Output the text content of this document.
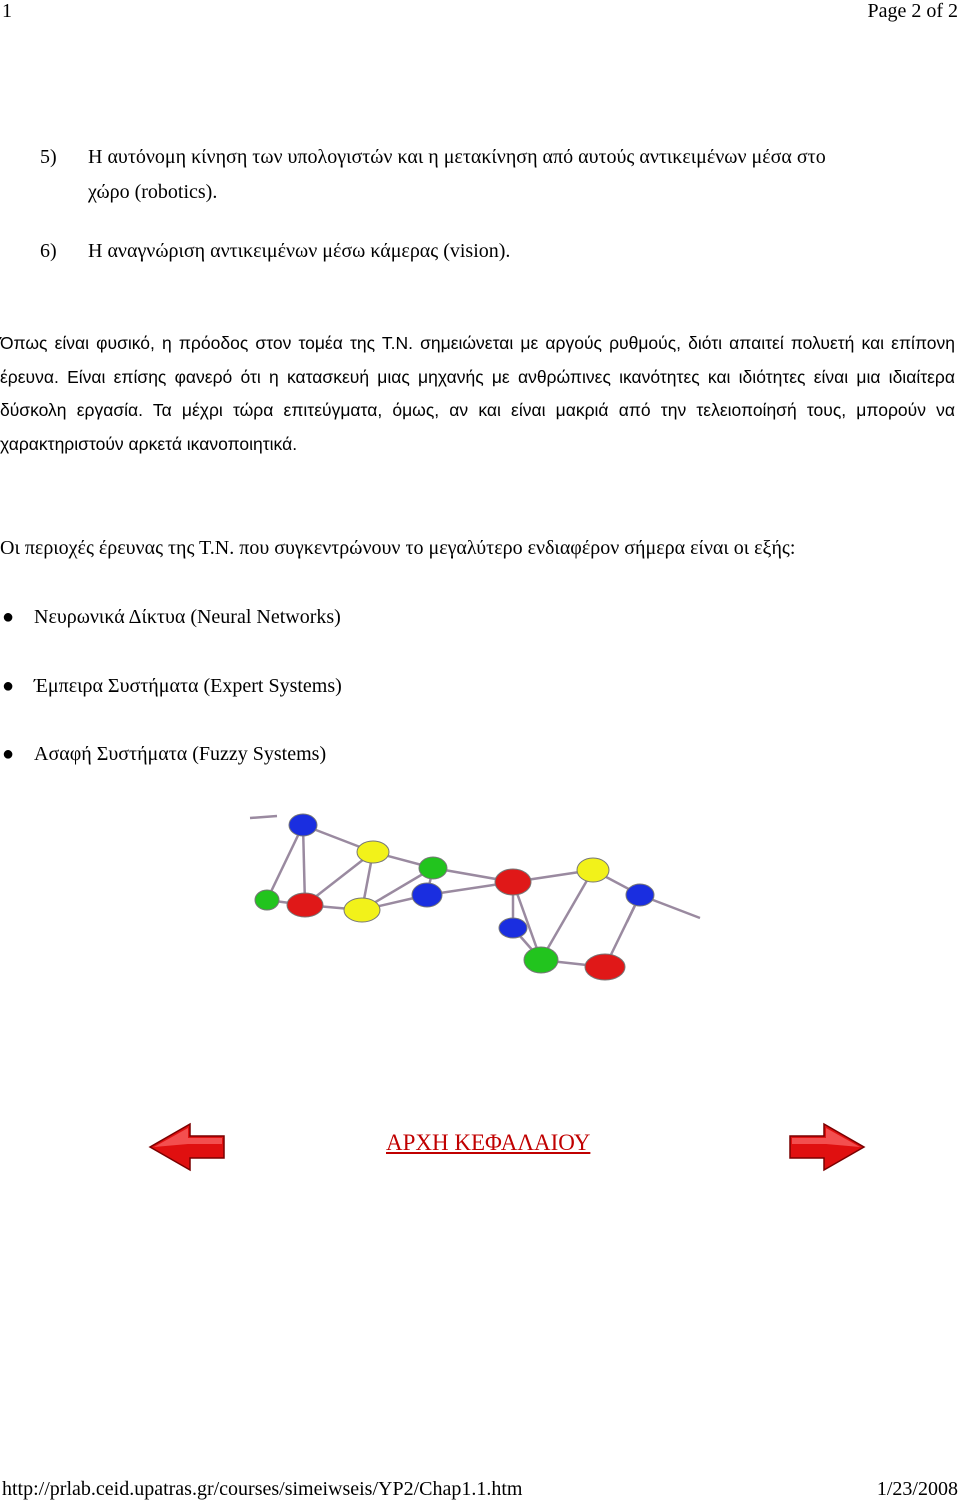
1	Page 2 of 2
5) Η αυτόνομη κίνηση των υπολογιστών και η μετακίνηση από αυτούς αντικειμένων μέσα στο
χώρο (robotics).
6) Η αναγνώριση αντικειμένων μέσω κάμερας (vision).
Όπως είναι φυσικό, η πρόοδος στον τομέα της Τ.Ν. σημειώνεται με αργούς ρυθμούς, διότι απαιτεί πολυετή και επίπονη έρευνα. Είναι επίσης φανερό ότι η κατασκευή μιας μηχανής με ανθρώπινες ικανότητες και ιδιότητες είναι μια ιδιαίτερα δύσκολη εργασία. Τα μέχρι τώρα επιτεύγματα, όμως, αν και είναι μακριά από την τελειοποίησή τους, μπορούν να χαρακτηριστούν αρκετά ικανοποιητικά.
Οι περιοχές έρευνας της Τ.Ν. που συγκεντρώνουν το μεγαλύτερο ενδιαφέρον σήμερα είναι οι εξής:
● Νευρωνικά Δίκτυα (Neural Networks)
● Έμπειρα Συστήματα (Expert Systems)
● Ασαφή Συστήματα (Fuzzy Systems)
ΑΡΧΗ ΚΕΦΑΛΑΙΟΥ
http://prlab.ceid.upatras.gr/courses/simeiwseis/YP2/Chap1.1.htm	1/23/2008
